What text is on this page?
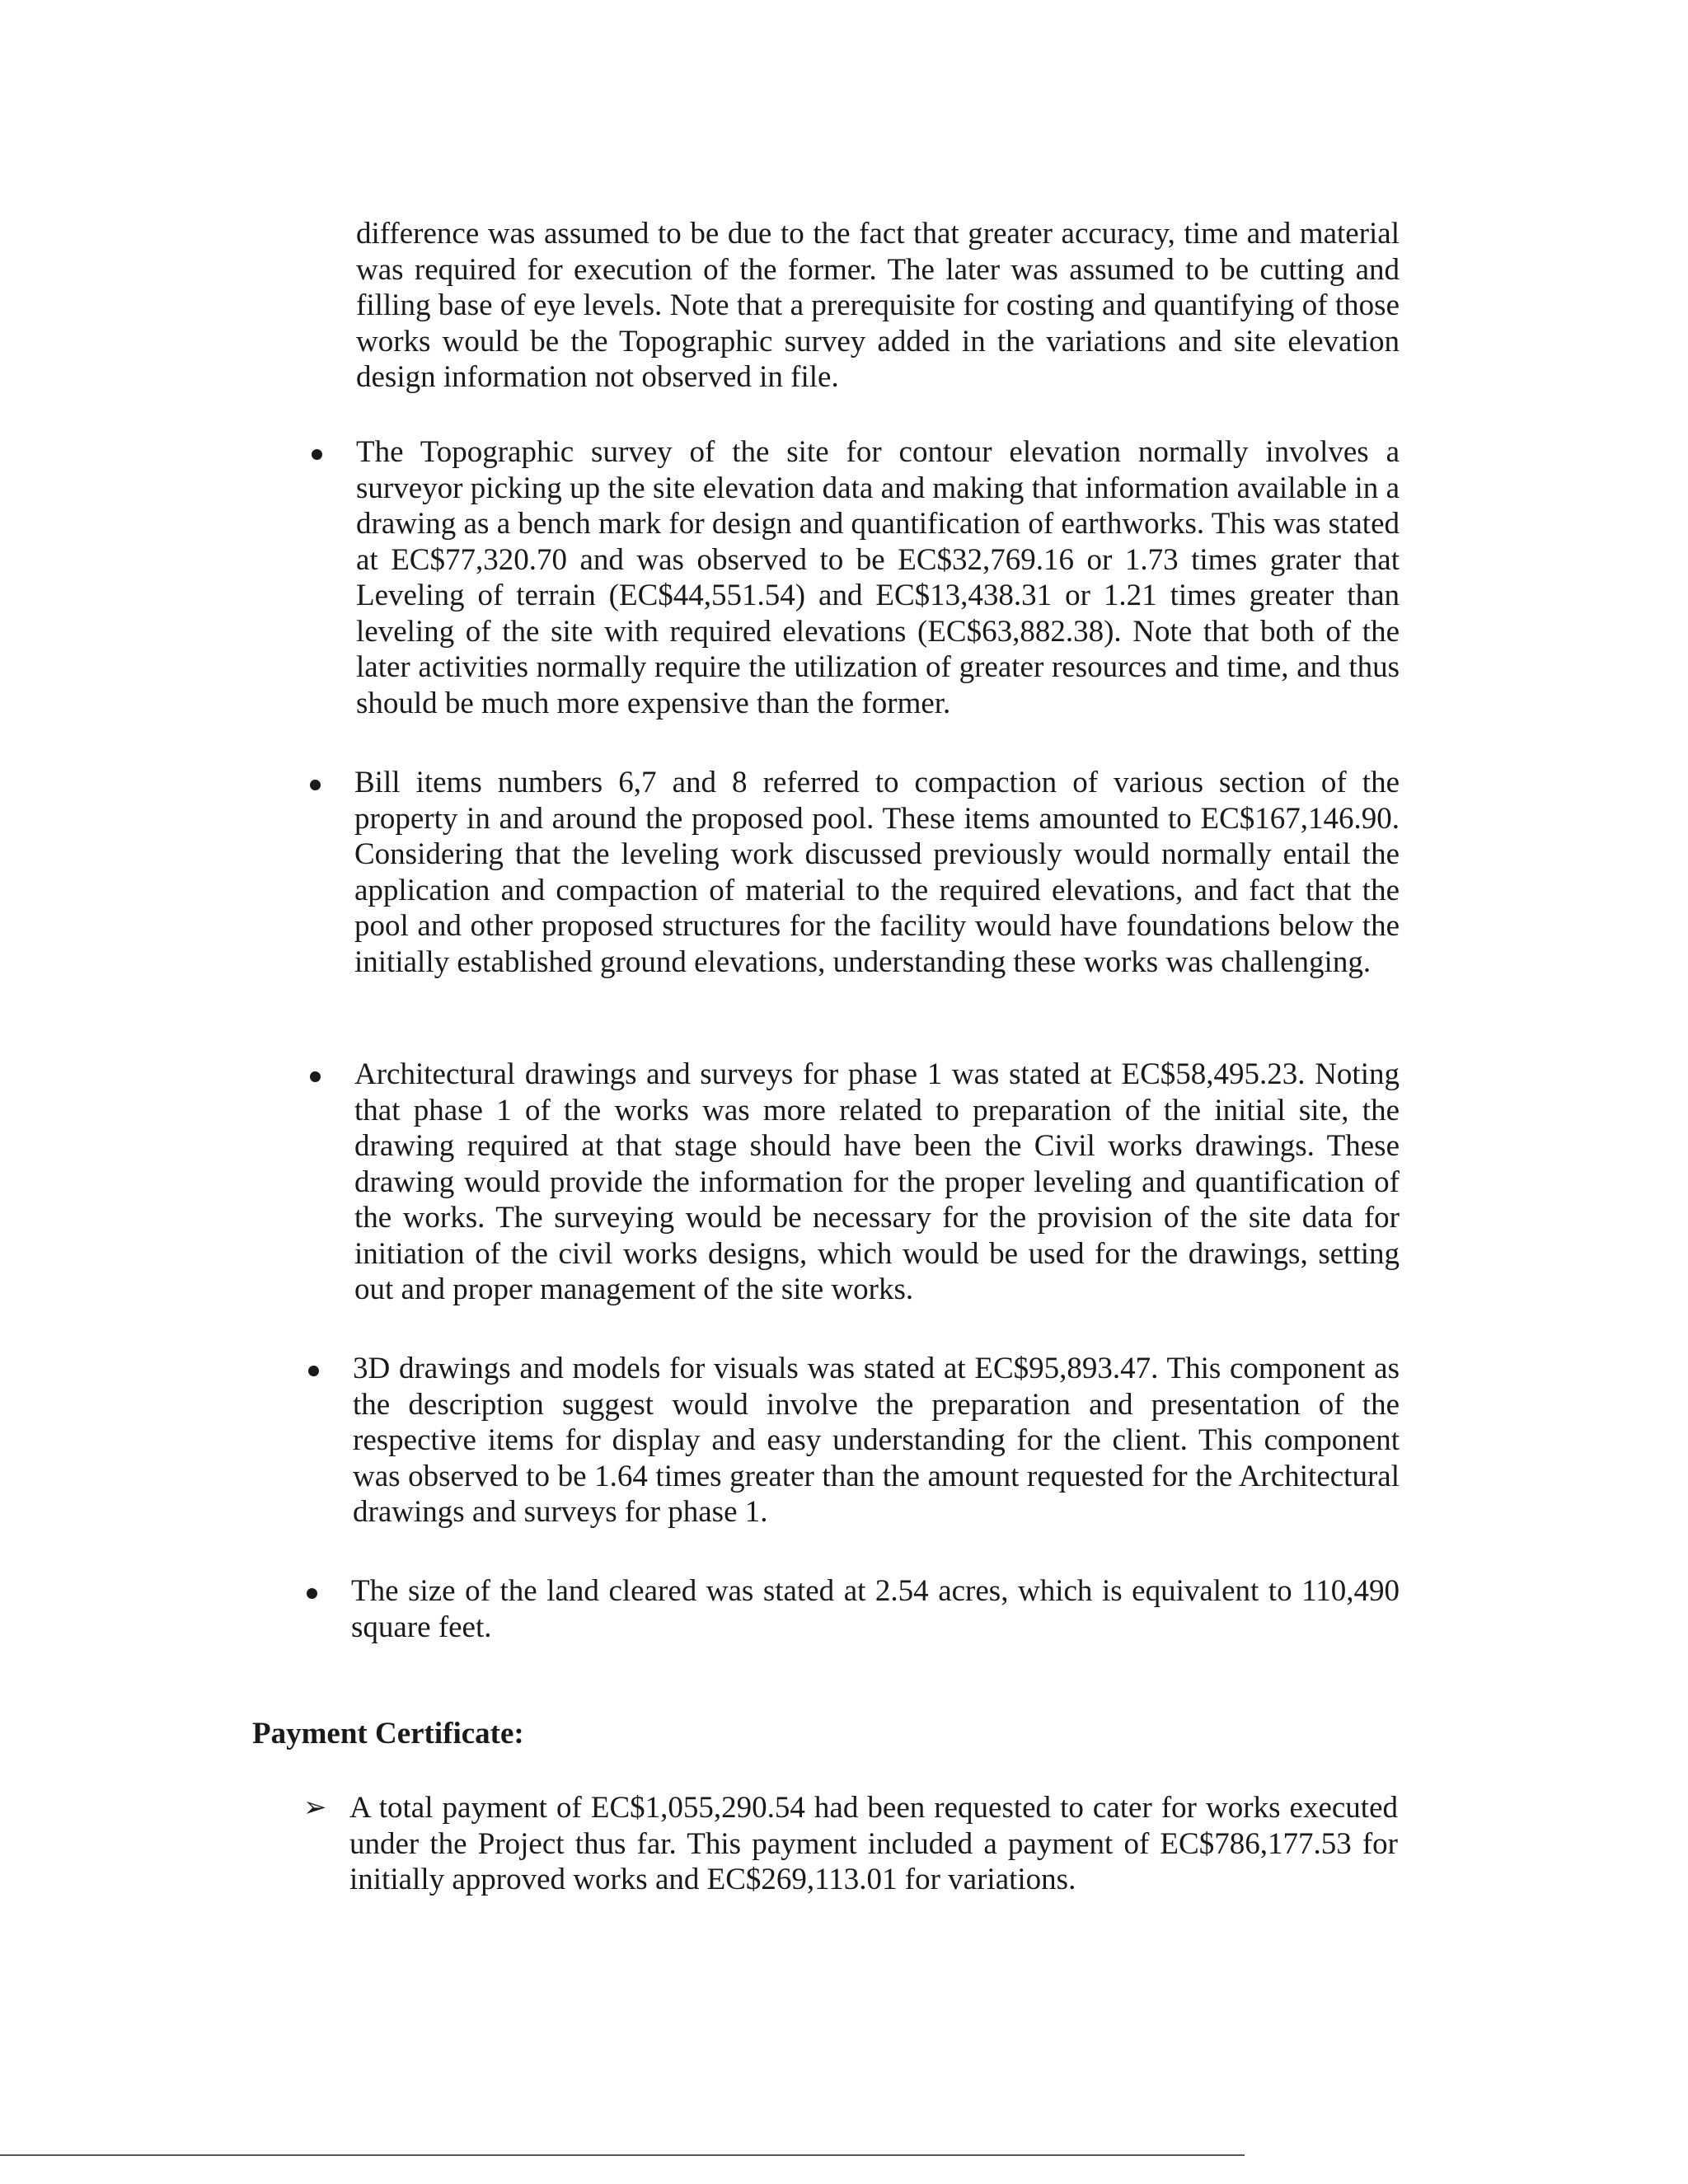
difference was assumed to be due to the fact that greater accuracy, time and material was required for execution of the former. The later was assumed to be cutting and filling base of eye levels. Note that a prerequisite for costing and quantifying of those works would be the Topographic survey added in the variations and site elevation design information not observed in file.

The Topographic survey of the site for contour elevation normally involves a surveyor picking up the site elevation data and making that information available in a drawing as a bench mark for design and quantification of earthworks. This was stated at EC$77,320.70 and was observed to be EC$32,769.16 or 1.73 times grater that Leveling of terrain (EC$44,551.54) and EC$13,438.31 or 1.21 times greater than leveling of the site with required elevations (EC$63,882.38). Note that both of the later activities normally require the utilization of greater resources and time, and thus should be much more expensive than the former.

Bill items numbers 6,7 and 8 referred to compaction of various section of the property in and around the proposed pool. These items amounted to EC$167,146.90. Considering that the leveling work discussed previously would normally entail the application and compaction of material to the required elevations, and fact that the pool and other proposed structures for the facility would have foundations below the initially established ground elevations, understanding these works was challenging.

Architectural drawings and surveys for phase 1 was stated at EC$58,495.23. Noting that phase 1 of the works was more related to preparation of the initial site, the drawing required at that stage should have been the Civil works drawings. These drawing would provide the information for the proper leveling and quantification of the works. The surveying would be necessary for the provision of the site data for initiation of the civil works designs, which would be used for the drawings, setting out and proper management of the site works.

3D drawings and models for visuals was stated at EC$95,893.47. This component as the description suggest would involve the preparation and presentation of the respective items for display and easy understanding for the client. This component was observed to be 1.64 times greater than the amount requested for the Architectural drawings and surveys for phase 1.

The size of the land cleared was stated at 2.54 acres, which is equivalent to 110,490 square feet.

Payment Certificate:

➢ A total payment of EC$1,055,290.54 had been requested to cater for works executed under the Project thus far. This payment included a payment of EC$786,177.53 for initially approved works and EC$269,113.01 for variations.
